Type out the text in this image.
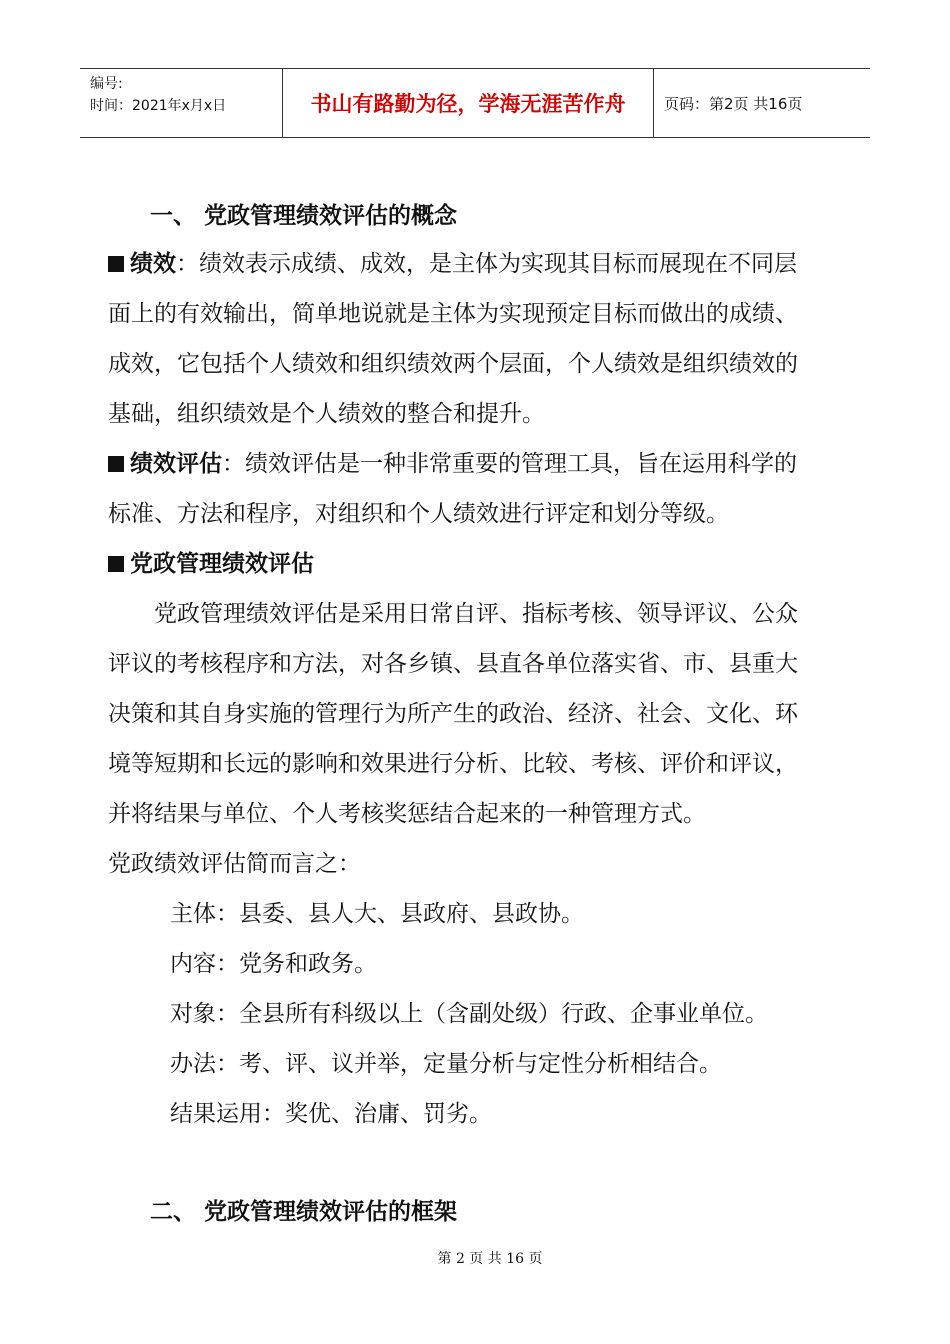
编号:
时间：2021年x月x日	书山有路勤为径，学海无涯苦作舟	页码：第2页 共16页
一、 党政管理绩效评估的概念
绩效：绩效表示成绩、成效，是主体为实现其目标而展现在不同层
面上的有效输出，简单地说就是主体为实现预定目标而做出的成绩、
成效，它包括个人绩效和组织绩效两个层面，个人绩效是组织绩效的
基础，组织绩效是个人绩效的整合和提升。
绩效评估：绩效评估是一种非常重要的管理工具，旨在运用科学的
标准、方法和程序，对组织和个人绩效进行评定和划分等级。
党政管理绩效评估
党政管理绩效评估是采用日常自评、指标考核、领导评议、公众
评议的考核程序和方法，对各乡镇、县直各单位落实省、市、县重大
决策和其自身实施的管理行为所产生的政治、经济、社会、文化、环
境等短期和长远的影响和效果进行分析、比较、考核、评价和评议，
并将结果与单位、个人考核奖惩结合起来的一种管理方式。
党政绩效评估简而言之：
主体：县委、县人大、县政府、县政协。
内容：党务和政务。
对象：全县所有科级以上（含副处级）行政、企事业单位。
办法：考、评、议并举，定量分析与定性分析相结合。
结果运用：奖优、治庸、罚劣。
二、 党政管理绩效评估的框架
第 2 页 共 16 页
